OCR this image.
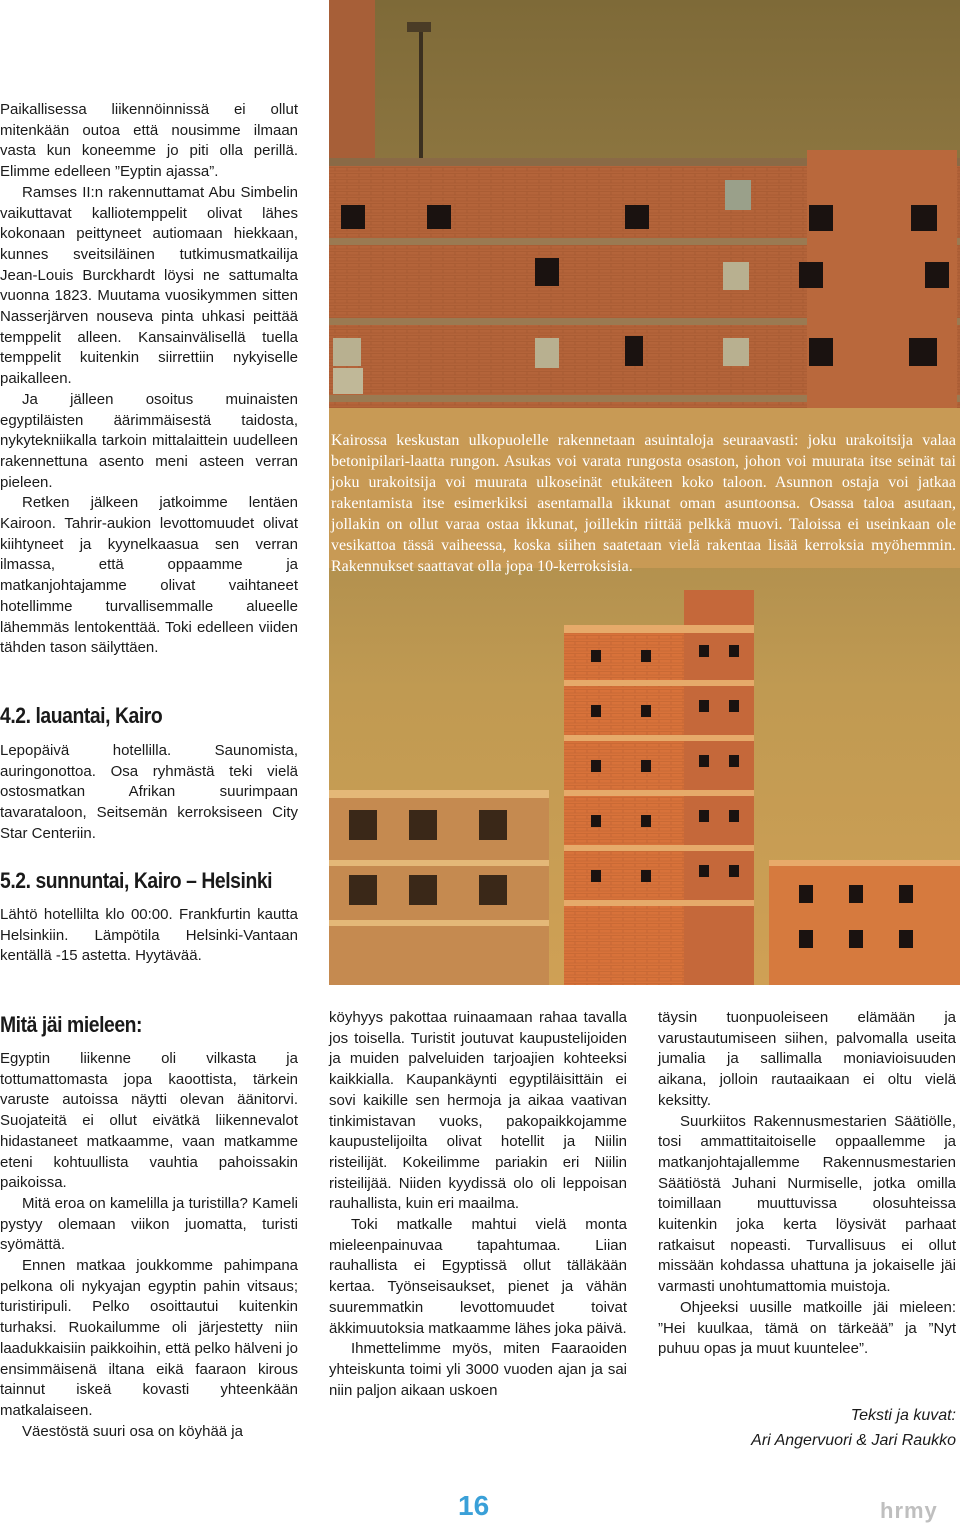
Paikallisessa liikennöinnissä ei ollut mitenkään outoa että nousimme ilmaan vasta kun koneemme jo piti olla perillä. Elimme edelleen ”Eyptin ajassa”.

Ramses II:n rakennuttamat Abu Simbelin vaikuttavat kalliotemppelit olivat lähes kokonaan peittyneet autiomaan hiekkaan, kunnes sveitsiläinen tutkimusmatkailija Jean-Louis Burckhardt löysi ne sattumalta vuonna 1823. Muutama vuosikymmen sitten Nasserjärven nouseva pinta uhkasi peittää temppelit alleen. Kansainvälisellä tuella temppelit kuitenkin siirrettiin nykyiselle paikalleen.

Ja jälleen osoitus muinaisten egyptiläisten äärimmäisestä taidosta, nykytekniikalla tarkoin mittalaittein uudelleen rakennettuna asento meni asteen verran pieleen.

Retken jälkeen jatkoimme lentäen Kairoon. Tahrir-aukion levottomuudet olivat kiihtyneet ja kyynelkaasua sen verran ilmassa, että oppaamme ja matkanjohtajamme olivat vaihtaneet hotellimme turvallisemmalle alueelle lähemmäs lentokenttää. Toki edelleen viiden tähden tason säilyttäen.

4.2. lauantai, Kairo

Lepopäivä hotellilla. Saunomista, auringonottoa. Osa ryhmästä teki vielä ostosmatkan Afrikan suurimpaan tavarataloon, Seitsemän kerroksiseen City Star Centeriin.

5.2. sunnuntai, Kairo – Helsinki

Lähtö hotellilta klo 00:00. Frankfurtin kautta Helsinkiin. Lämpötila Helsinki-Vantaan kentällä -15 astetta. Hyytävää.

Mitä jäi mieleen:

Egyptin liikenne oli vilkasta ja tottumattomasta jopa kaoottista, tärkein varuste autoissa näytti olevan äänitorvi. Suojateitä ei ollut eivätkä liikennevalot hidastaneet matkaamme, vaan matkamme eteni kohtuullista vauhtia pahoissakin paikoissa.

Mitä eroa on kamelilla ja turistilla? Kameli pystyy olemaan viikon juomatta, turisti syömättä.

Ennen matkaa joukkomme pahimpana pelkona oli nykyajan egyptin pahin vitsaus; turistiripuli. Pelko osoittautui kuitenkin turhaksi. Ruokailumme oli järjestetty niin laadukkaisiin paikkoihin, että pelko hälveni jo ensimmäisenä iltana eikä faaraon kirous tainnut iskeä kovasti yhteenkään matkalaiseen.

Väestöstä suuri osa on köyhää ja

köyhyys pakottaa ruinaamaan rahaa tavalla jos toisella. Turistit joutuvat kaupustelijoiden ja muiden palveluiden tarjoajien kohteeksi kaikkialla. Kaupankäynti egyptiläisittäin ei sovi kaikille sen hermoja ja aikaa vaativan tinkimistavan vuoks, pakopaikkojamme kaupustelijoilta olivat hotellit ja Niilin risteilijät. Kokeilimme pariakin eri Niilin risteilijää. Niiden kyydissä olo oli leppoisan rauhallista, kuin eri maailma.

Toki matkalle mahtui vielä monta mieleenpainuvaa tapahtumaa. Liian rauhallista ei Egyptissä ollut tälläkään kertaa. Työnseisaukset, pienet ja vähän suuremmatkin levottomuudet toivat äkkimuutoksia matkaamme lähes joka päivä.

Ihmettelimme myös, miten Faaraoiden yhteiskunta toimi yli 3000 vuoden ajan ja sai niin paljon aikaan uskoen

täysin tuonpuoleiseen elämään ja varustautumiseen siihen, palvomalla useita jumalia ja sallimalla moniavioisuuden aikana, jolloin rautaaikaan ei oltu vielä keksitty.

Suurkiitos Rakennusmestarien Säätiölle, tosi ammattitaitoiselle oppaallemme ja matkanjohtajallemme Rakennusmestarien Säätiöstä Juhani Nurmiselle, jotka omilla toimillaan muuttuvissa olosuhteissa kuitenkin joka kerta löysivät parhaat ratkaisut nopeasti. Turvallisuus ei ollut missään kohdassa uhattuna ja jokaiselle jäi varmasti unohtumattomia muistoja.

Ohjeeksi uusille matkoille jäi mieleen: ”Hei kuulkaa, tämä on tärkeää” ja ”Nyt puhuu opas ja muut kuuntelee”.

Teksti ja kuvat:
Ari Angervuori & Jari Raukko

Kairossa keskustan ulkopuolelle rakennetaan asuintaloja seuraavasti: joku urakoitsija valaa betonipilari-laatta rungon. Asukas voi varata rungosta osaston, johon voi muurata itse seinät tai joku urakoitsija voi muurata ulkoseinät etukäteen koko taloon. Asunnon ostaja voi jatkaa rakentamista itse esimerkiksi asentamalla ikkunat oman asuntoonsa. Osassa taloa asutaan, jollakin on ollut varaa ostaa ikkunat, joillekin riittää pelkkä muovi. Taloissa ei useinkaan ole vesikattoa tässä vaiheessa, koska siihen saatetaan vielä rakentaa lisää kerroksia myöhemmin. Rakennukset saattavat olla jopa 10-kerroksisia.

16	hrmy
